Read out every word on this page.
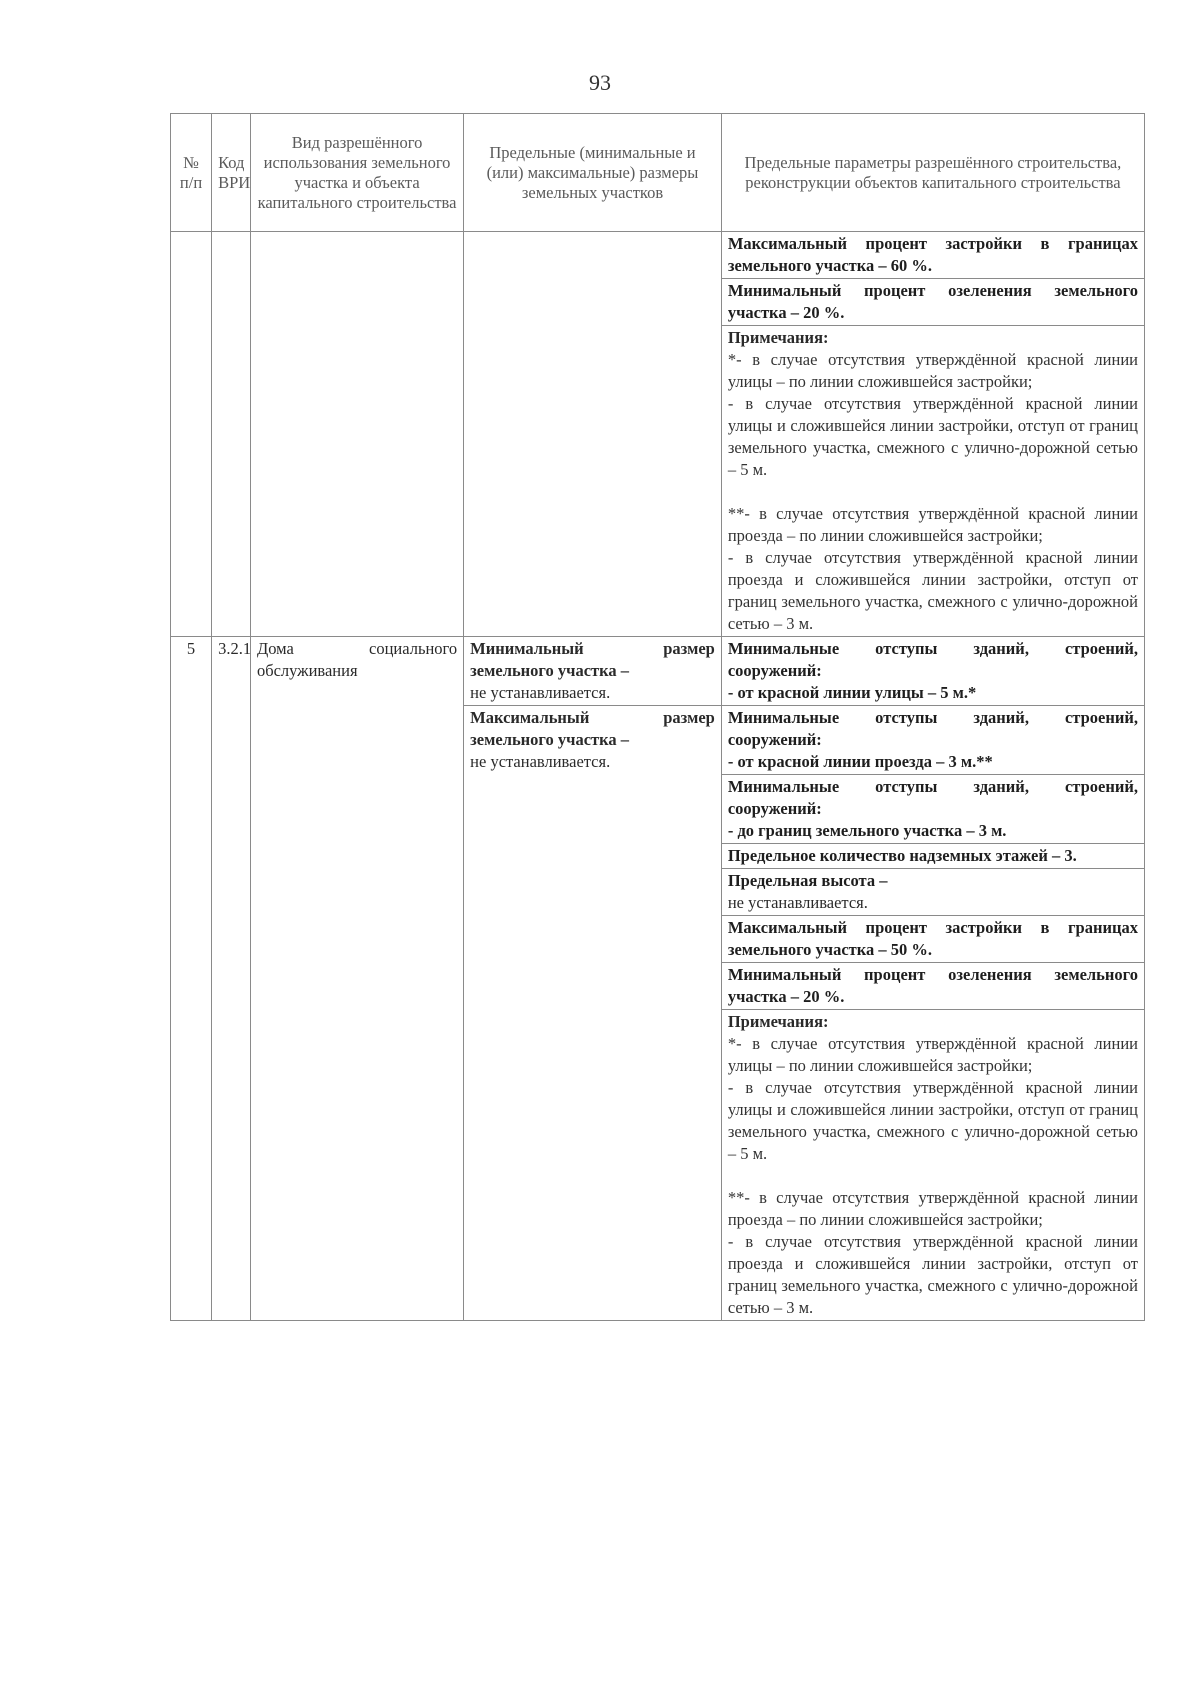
93
№ п/п	Код ВРИ	Вид разрешённого использования земельного участка и объекта капитального строительства	Предельные (минимальные и (или) максимальные) размеры земельных участков	Предельные параметры разрешённого строительства, реконструкции объектов капитального строительства

				Максимальный процент застройки в границах земельного участка – 60 %.

				Минимальный процент озеленения земельного участка – 20 %.

				Примечания:
*- в случае отсутствия утверждённой красной линии улицы – по линии сложившейся застройки;
- в случае отсутствия утверждённой красной линии улицы и сложившейся линии застройки, отступ от границ земельного участка, смежного с улично-дорожной сетью – 5 м.
**- в случае отсутствия утверждённой красной линии проезда – по линии сложившейся застройки;
- в случае отсутствия утверждённой красной линии проезда и сложившейся линии застройки, отступ от границ земельного участка, смежного с улично-дорожной сетью – 3 м.

5	3.2.1	Дома социального обслуживания	Минимальный размер земельного участка –
не устанавливается.	Минимальные отступы зданий, строений, сооружений:
- от красной линии улицы – 5 м.*

			Максимальный размер земельного участка –
не устанавливается.	Минимальные отступы зданий, строений, сооружений:
- от красной линии проезда – 3 м.**

				Минимальные отступы зданий, строений, сооружений:
- до границ земельного участка – 3 м.

				Предельное количество надземных этажей – 3.

				Предельная высота –
не устанавливается.

				Максимальный процент застройки в границах земельного участка – 50 %.

				Минимальный процент озеленения земельного участка – 20 %.

				Примечания:
*- в случае отсутствия утверждённой красной линии улицы – по линии сложившейся застройки;
- в случае отсутствия утверждённой красной линии улицы и сложившейся линии застройки, отступ от границ земельного участка, смежного с улично-дорожной сетью – 5 м.
**- в случае отсутствия утверждённой красной линии проезда – по линии сложившейся застройки;
- в случае отсутствия утверждённой красной линии проезда и сложившейся линии застройки, отступ от границ земельного участка, смежного с улично-дорожной сетью – 3 м.
